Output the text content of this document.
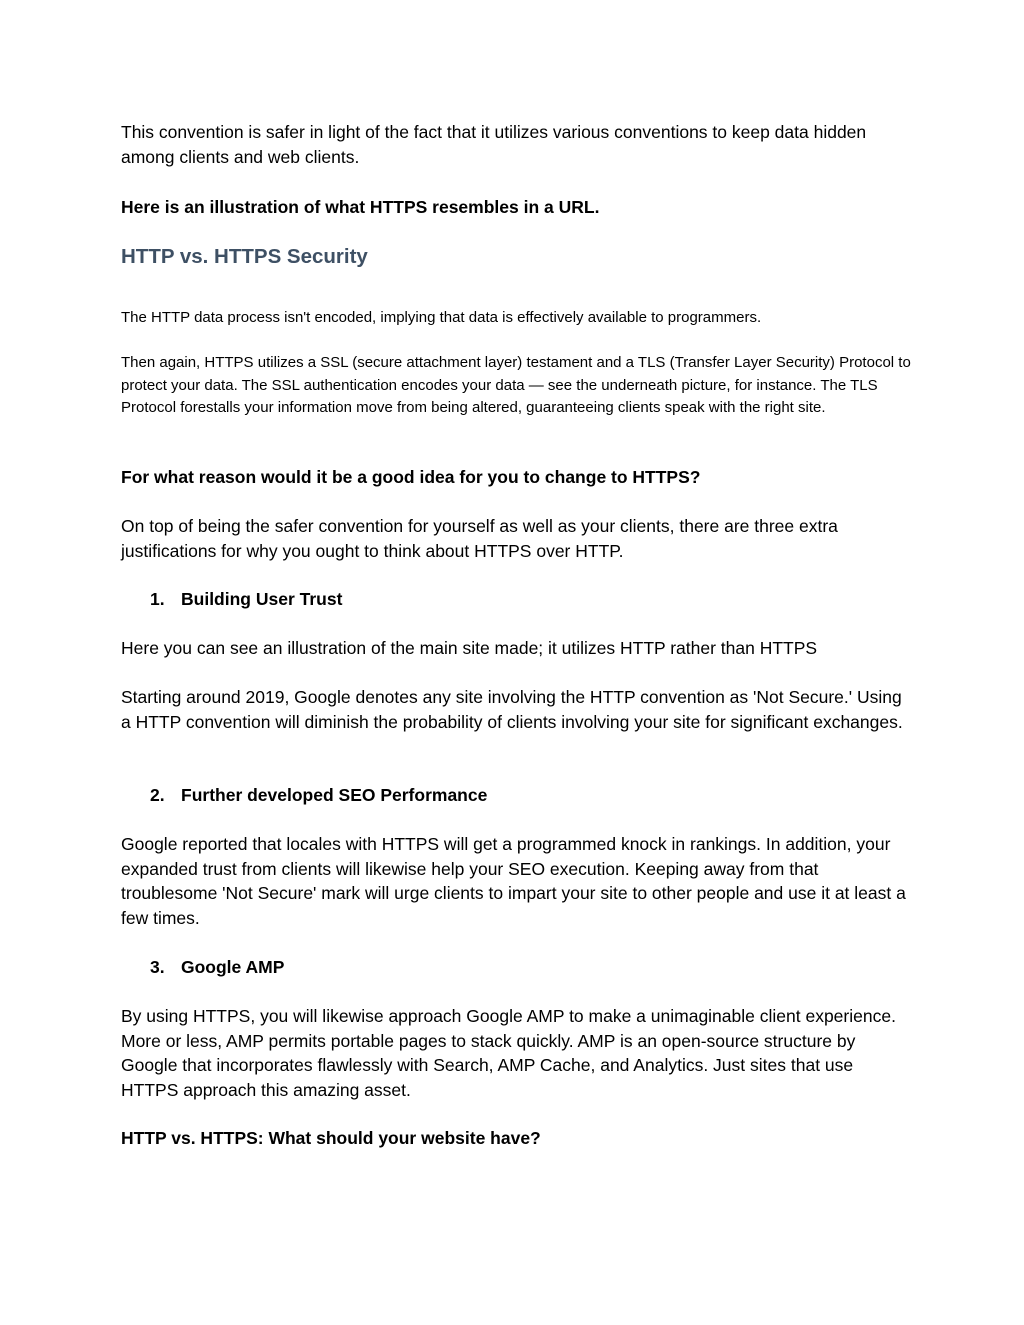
This convention is safer in light of the fact that it utilizes various conventions to keep data hidden among clients and web clients.

Here is an illustration of what HTTPS resembles in a URL.

HTTP vs. HTTPS Security

The HTTP data process isn't encoded, implying that data is effectively available to programmers.

Then again, HTTPS utilizes a SSL (secure attachment layer) testament and a TLS (Transfer Layer Security) Protocol to protect your data. The SSL authentication encodes your data — see the underneath picture, for instance. The TLS Protocol forestalls your information move from being altered, guaranteeing clients speak with the right site.

For what reason would it be a good idea for you to change to HTTPS?

On top of being the safer convention for yourself as well as your clients, there are three extra justifications for why you ought to think about HTTPS over HTTP.

1. Building User Trust

Here you can see an illustration of the main site made; it utilizes HTTP rather than HTTPS

Starting around 2019, Google denotes any site involving the HTTP convention as 'Not Secure.' Using a HTTP convention will diminish the probability of clients involving your site for significant exchanges.

2. Further developed SEO Performance

Google reported that locales with HTTPS will get a programmed knock in rankings. In addition, your expanded trust from clients will likewise help your SEO execution. Keeping away from that troublesome 'Not Secure' mark will urge clients to impart your site to other people and use it at least a few times.

3. Google AMP

By using HTTPS, you will likewise approach Google AMP to make a unimaginable client experience. More or less, AMP permits portable pages to stack quickly. AMP is an open-source structure by Google that incorporates flawlessly with Search, AMP Cache, and Analytics. Just sites that use HTTPS approach this amazing asset.

HTTP vs. HTTPS: What should your website have?
